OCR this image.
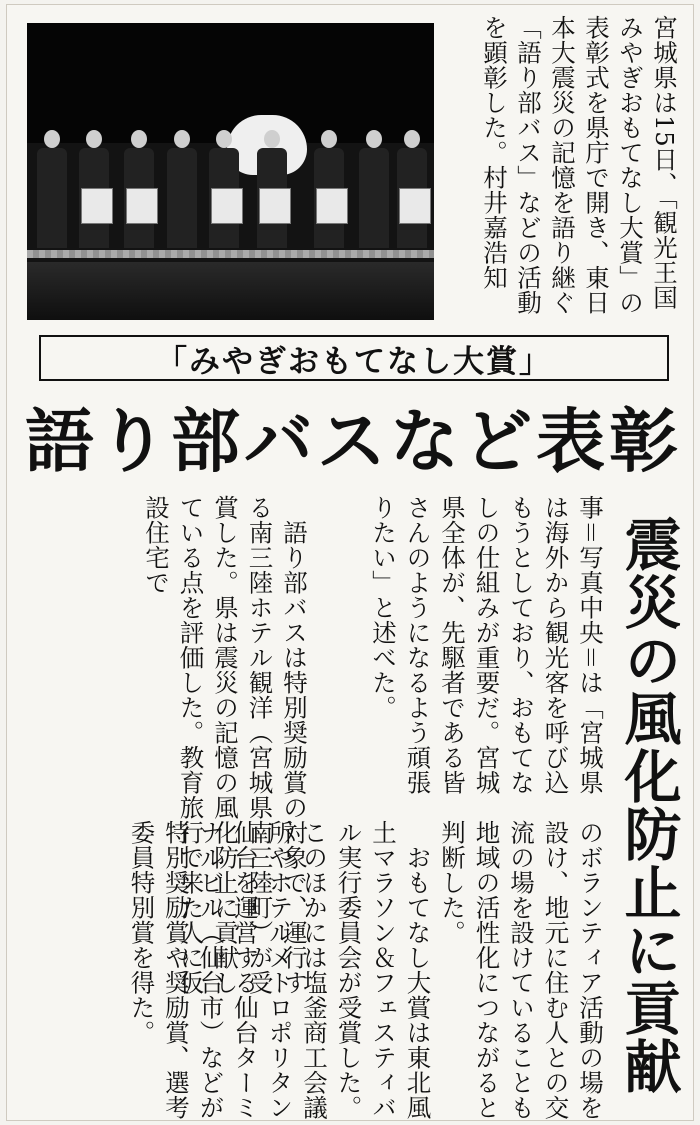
宮城県は15日、「観光王国みやぎおもてなし大賞」の表彰式を県庁で開き、東日本大震災の記憶を語り継ぐ「語り部バス」などの活動を顕彰した。村井嘉浩知
「みやぎおもてなし大賞」
語り部バスなど表彰
震災の風化防止に貢献

事＝写真中央＝は「宮城県は海外から観光客を呼び込もうとしており、おもてなしの仕組みが重要だ。宮城県全体が、先駆者である皆さんのようになるよう頑張りたい」と述べた。

語り部バスは特別奨励賞の対象で、運行する南三陸ホテル観洋（宮城県南三陸町）が受賞した。県は震災の記憶の風化防止に貢献している点を評価した。教育旅行で来た人に仮設住宅で

のボランティア活動の場を設け、地元に住む人との交流の場を設けていることも地域の活性化につながると判断した。

おもてなし大賞は東北風土マラソン＆フェスティバル実行委員会が受賞した。このほかには塩釜商工会議所やホテルメトロポリタン仙台を運営する仙台ターミナルビル（仙台市）などが特別奨励賞や奨励賞、選考委員特別賞を得た。
